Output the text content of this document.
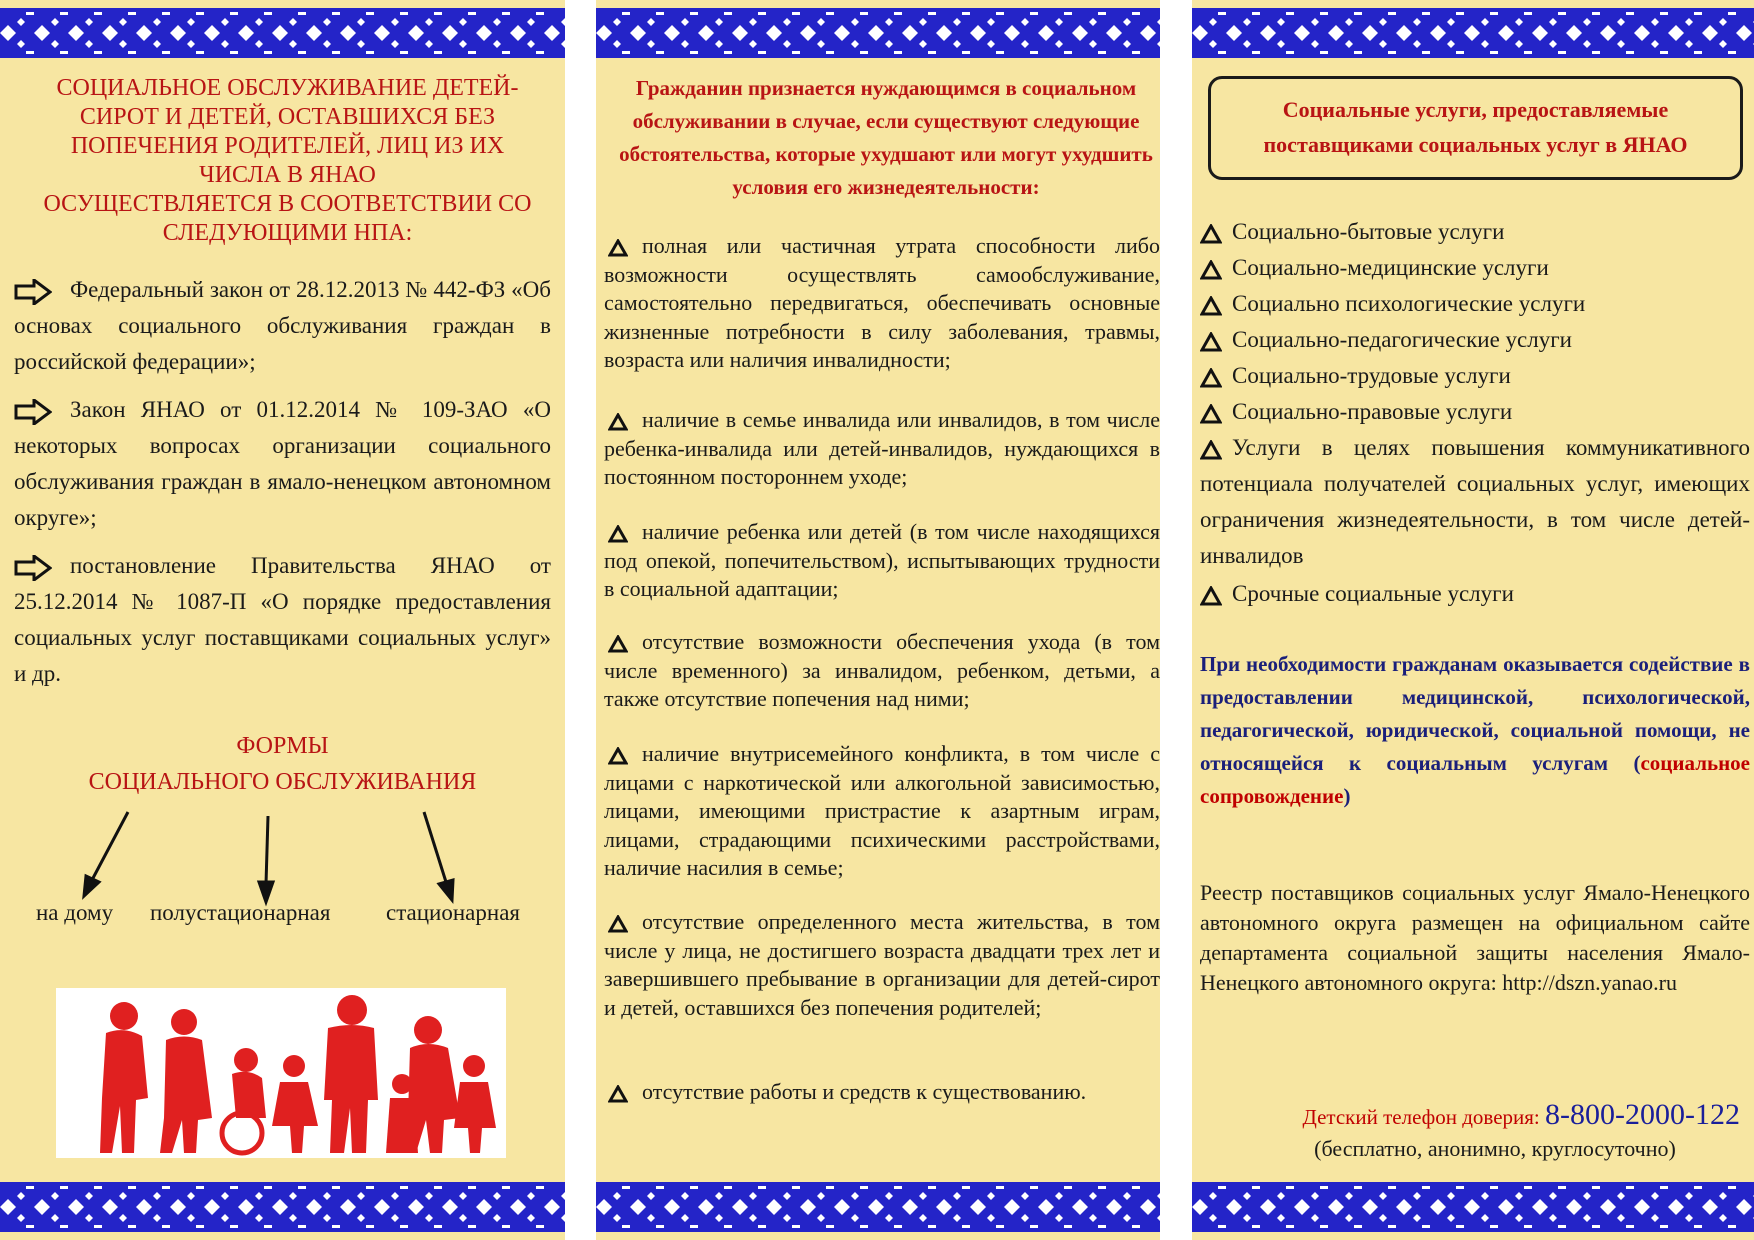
СОЦИАЛЬНОЕ ОБСЛУЖИВАНИЕ ДЕТЕЙ-
СИРОТ И ДЕТЕЙ, ОСТАВШИХСЯ БЕЗ
ПОПЕЧЕНИЯ РОДИТЕЛЕЙ, ЛИЦ ИЗ ИХ
ЧИСЛА В ЯНАО
ОСУЩЕСТВЛЯЕТСЯ В СООТВЕТСТВИИ СО
СЛЕДУЮЩИМИ НПА:
Федеральный закон от 28.12.2013 № 442-ФЗ «Об основах социального обслуживания граждан в российской федерации»;
Закон ЯНАО от 01.12.2014 № 109-ЗАО «О некоторых вопросах организации социального обслуживания граждан в ямало-ненецком автономном округе»;
постановление Правительства ЯНАО от 25.12.2014 № 1087-П «О порядке предоставления социальных услуг поставщиками социальных услуг» и др.
ФОРМЫ
СОЦИАЛЬНОГО ОБСЛУЖИВАНИЯ
на дому полустационарная стационарная
Гражданин признается нуждающимся в социальном обслуживании в случае, если существуют следующие обстоятельства, которые ухудшают или могут ухудшить условия его жизнедеятельности:
полная или частичная утрата способности либо возможности осуществлять самообслуживание, самостоятельно передвигаться, обеспечивать основные жизненные потребности в силу заболевания, травмы, возраста или наличия инвалидности;
наличие в семье инвалида или инвалидов, в том числе ребенка-инвалида или детей-инвалидов, нуждающихся в постоянном постороннем уходе;
наличие ребенка или детей (в том числе находящихся под опекой, попечительством), испытывающих трудности в социальной адаптации;
отсутствие возможности обеспечения ухода (в том числе временного) за инвалидом, ребенком, детьми, а также отсутствие попечения над ними;
наличие внутрисемейного конфликта, в том числе с лицами с наркотической или алкогольной зависимостью, лицами, имеющими пристрастие к азартным играм, лицами, страдающими психическими расстройствами, наличие насилия в семье;
отсутствие определенного места жительства, в том числе у лица, не достигшего возраста двадцати трех лет и завершившего пребывание в организации для детей-сирот и детей, оставшихся без попечения родителей;
отсутствие работы и средств к существованию.
Социальные услуги, предоставляемые
поставщиками социальных услуг в ЯНАО
Социально-бытовые услуги
Социально-медицинские услуги
Социально психологические услуги
Социально-педагогические услуги
Социально-трудовые услуги
Социально-правовые услуги
Услуги в целях повышения коммуникативного потенциала получателей социальных услуг, имеющих ограничения жизнедеятельности, в том числе детей-инвалидов
Срочные социальные услуги
При необходимости гражданам оказывается содействие в предоставлении медицинской, психологической, педагогической, юридической, социальной помощи, не относящейся к социальным услугам (социальное сопровождение)
Реестр поставщиков социальных услуг Ямало-Ненецкого автономного округа размещен на официальном сайте департамента социальной защиты населения Ямало-Ненецкого автономного округа: http://dszn.yanao.ru
Детский телефон доверия: 8-800-2000-122
(бесплатно, анонимно, круглосуточно)
